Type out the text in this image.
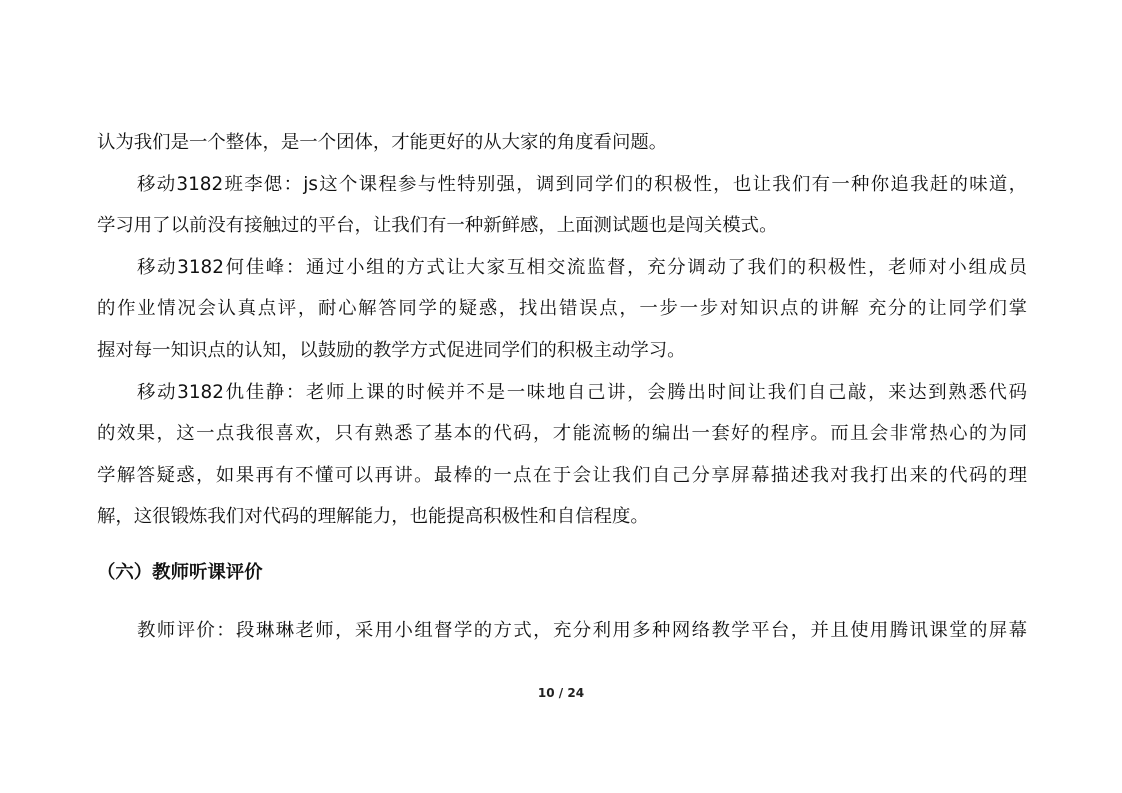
认为我们是一个整体，是一个团体，才能更好的从大家的角度看问题。
移动3182班李偲：js这个课程参与性特别强，调到同学们的积极性，也让我们有一种你追我赶的味道，
学习用了以前没有接触过的平台，让我们有一种新鲜感，上面测试题也是闯关模式。
移动3182何佳峰：通过小组的方式让大家互相交流监督，充分调动了我们的积极性，老师对小组成员
的作业情况会认真点评，耐心解答同学的疑惑，找出错误点，一步一步对知识点的讲解 充分的让同学们掌
握对每一知识点的认知，以鼓励的教学方式促进同学们的积极主动学习。
移动3182仇佳静：老师上课的时候并不是一味地自己讲，会腾出时间让我们自己敲，来达到熟悉代码
的效果，这一点我很喜欢，只有熟悉了基本的代码，才能流畅的编出一套好的程序。而且会非常热心的为同
学解答疑惑，如果再有不懂可以再讲。最棒的一点在于会让我们自己分享屏幕描述我对我打出来的代码的理
解，这很锻炼我们对代码的理解能力，也能提高积极性和自信程度。
（六）教师听课评价
教师评价：段琳琳老师，采用小组督学的方式，充分利用多种网络教学平台，并且使用腾讯课堂的屏幕
10 / 24
